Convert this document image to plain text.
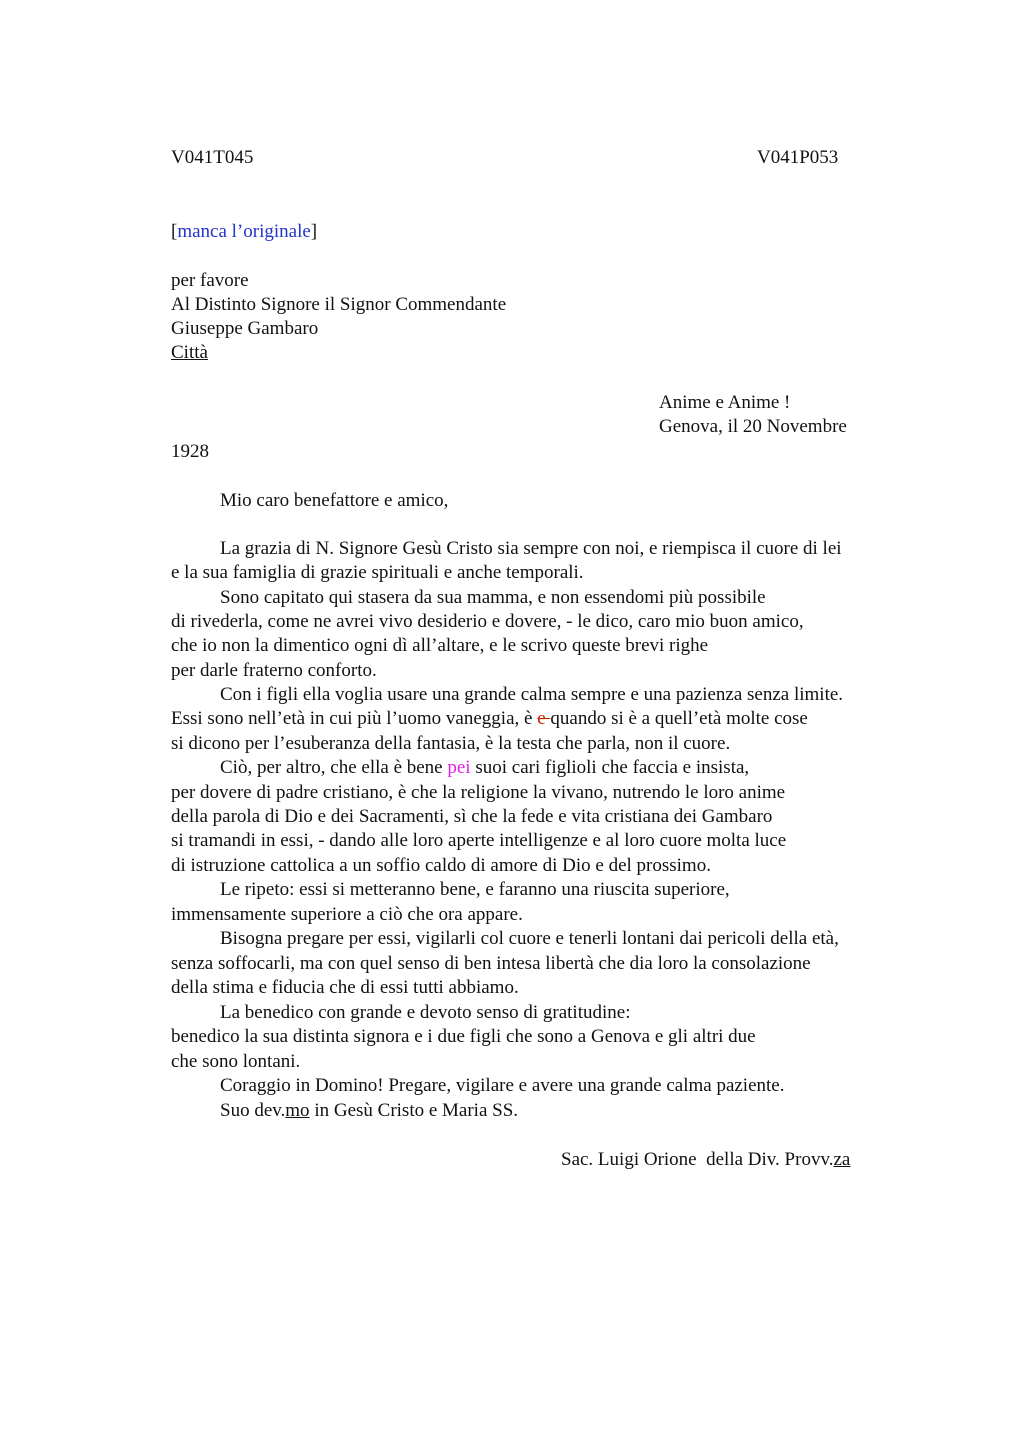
V041T045	V041P053

[manca l’originale]

per favore

Al Distinto Signore il Signor Commendante

Giuseppe Gambaro

Città

Anime e Anime !

Genova, il 20 Novembre

1928

Mio caro benefattore e amico,

La grazia di N. Signore Gesù Cristo sia sempre con noi, e riempisca il cuore di lei

e la sua famiglia di grazie spirituali e anche temporali.

Sono capitato qui stasera da sua mamma, e non essendomi più possibile

di rivederla, come ne avrei vivo desiderio e dovere, - le dico, caro mio buon amico,

che io non la dimentico ogni dì all’altare, e le scrivo queste brevi righe

per darle fraterno conforto.

Con i figli ella voglia usare una grande calma sempre e una pazienza senza limite.

Essi sono nell’età in cui più l’uomo vaneggia, è e quando si è a quell’età molte cose

si dicono per l’esuberanza della fantasia, è la testa che parla, non il cuore.

Ciò, per altro, che ella è bene pei suoi cari figlioli che faccia e insista,

per dovere di padre cristiano, è che la religione la vivano, nutrendo le loro anime

della parola di Dio e dei Sacramenti, sì che la fede e vita cristiana dei Gambaro

si tramandi in essi, - dando alle loro aperte intelligenze e al loro cuore molta luce

di istruzione cattolica a un soffio caldo di amore di Dio e del prossimo.

Le ripeto: essi si metteranno bene, e faranno una riuscita superiore,

immensamente superiore a ciò che ora appare.

Bisogna pregare per essi, vigilarli col cuore e tenerli lontani dai pericoli della età,

senza soffocarli, ma con quel senso di ben intesa libertà che dia loro la consolazione

della stima e fiducia che di essi tutti abbiamo.

La benedico con grande e devoto senso di gratitudine:

benedico la sua distinta signora e i due figli che sono a Genova e gli altri due

che sono lontani.

Coraggio in Domino! Pregare, vigilare e avere una grande calma paziente.

Suo dev.mo in Gesù Cristo e Maria SS.

Sac. Luigi Orione  della Div. Provv.za
